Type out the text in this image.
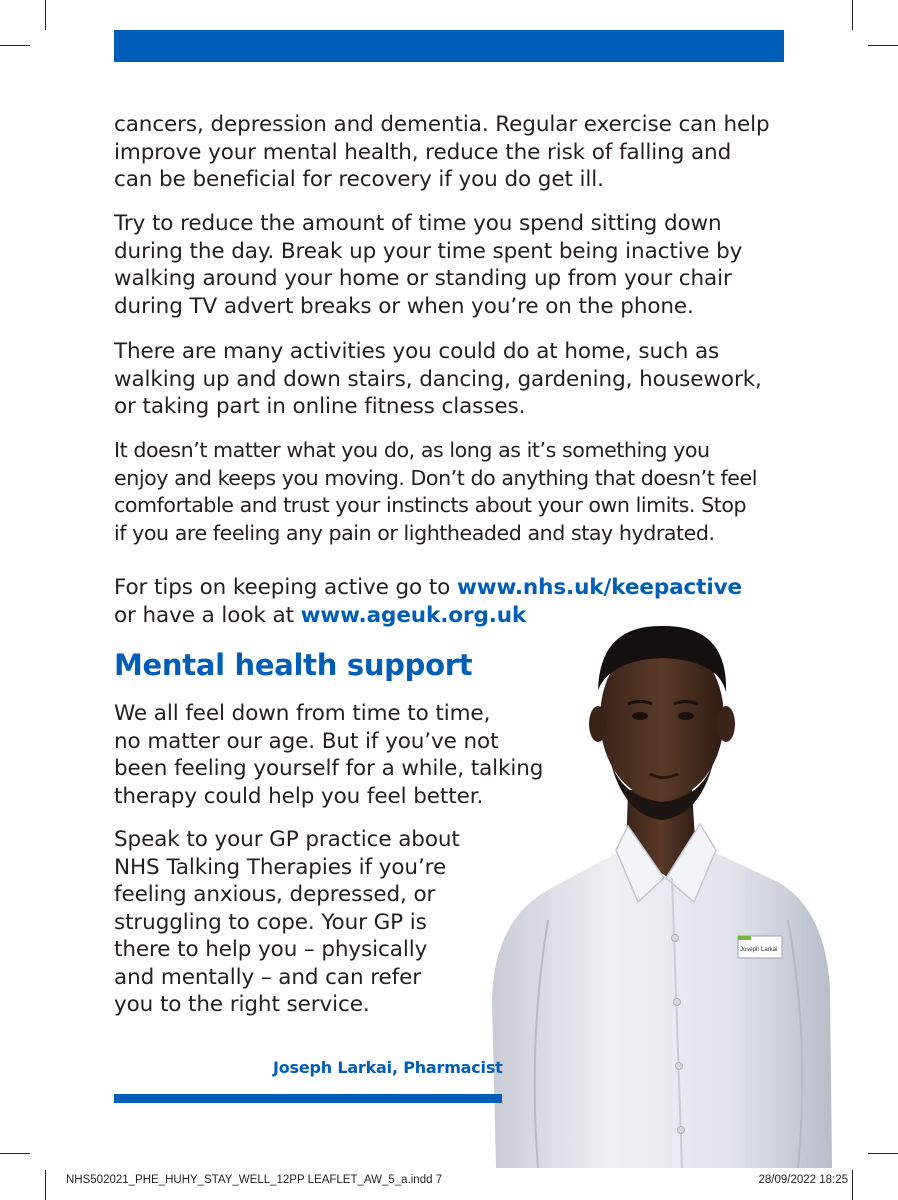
cancers, depression and dementia. Regular exercise can help
improve your mental health, reduce the risk of falling and
can be beneficial for recovery if you do get ill.
Try to reduce the amount of time you spend sitting down
during the day. Break up your time spent being inactive by
walking around your home or standing up from your chair
during TV advert breaks or when you’re on the phone.
There are many activities you could do at home, such as
walking up and down stairs, dancing, gardening, housework,
or taking part in online fitness classes.
It doesn’t matter what you do, as long as it’s something you
enjoy and keeps you moving. Don’t do anything that doesn’t feel
comfortable and trust your instincts about your own limits. Stop
if you are feeling any pain or lightheaded and stay hydrated.
For tips on keeping active go to www.nhs.uk/keepactive
or have a look at www.ageuk.org.uk
Mental health support
We all feel down from time to time,
no matter our age. But if you’ve not
been feeling yourself for a while, talking
therapy could help you feel better.
Speak to your GP practice about
NHS Talking Therapies if you’re
feeling anxious, depressed, or
struggling to cope. Your GP is
there to help you – physically
and mentally – and can refer
you to the right service.
Joseph Larkai
Joseph Larkai, Pharmacist
NHS502021_PHE_HUHY_STAY_WELL_12PP LEAFLET_AW_5_a.indd 7	28/09/2022 18:25
